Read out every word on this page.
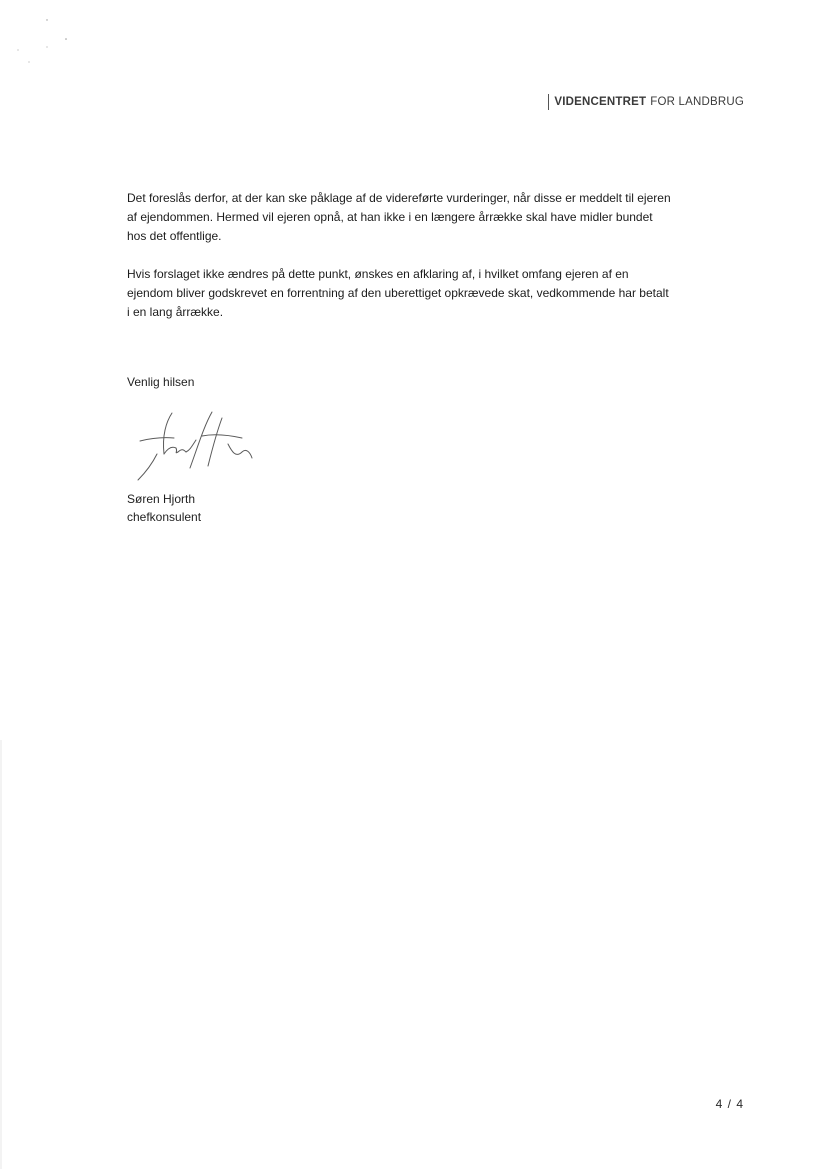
VIDENCENTRET FOR LANDBRUG

Det foreslås derfor, at der kan ske påklage af de videreførte vurderinger, når disse er meddelt til ejeren af ejendommen. Hermed vil ejeren opnå, at han ikke i en længere årrække skal have midler bundet hos det offentlige.

Hvis forslaget ikke ændres på dette punkt, ønskes en afklaring af, i hvilket omfang ejeren af en ejendom bliver godskrevet en forrentning af den uberettiget opkrævede skat, vedkommende har betalt i en lang årrække.

Venlig hilsen
Søren Hjorth
chefkonsulent
4 / 4
